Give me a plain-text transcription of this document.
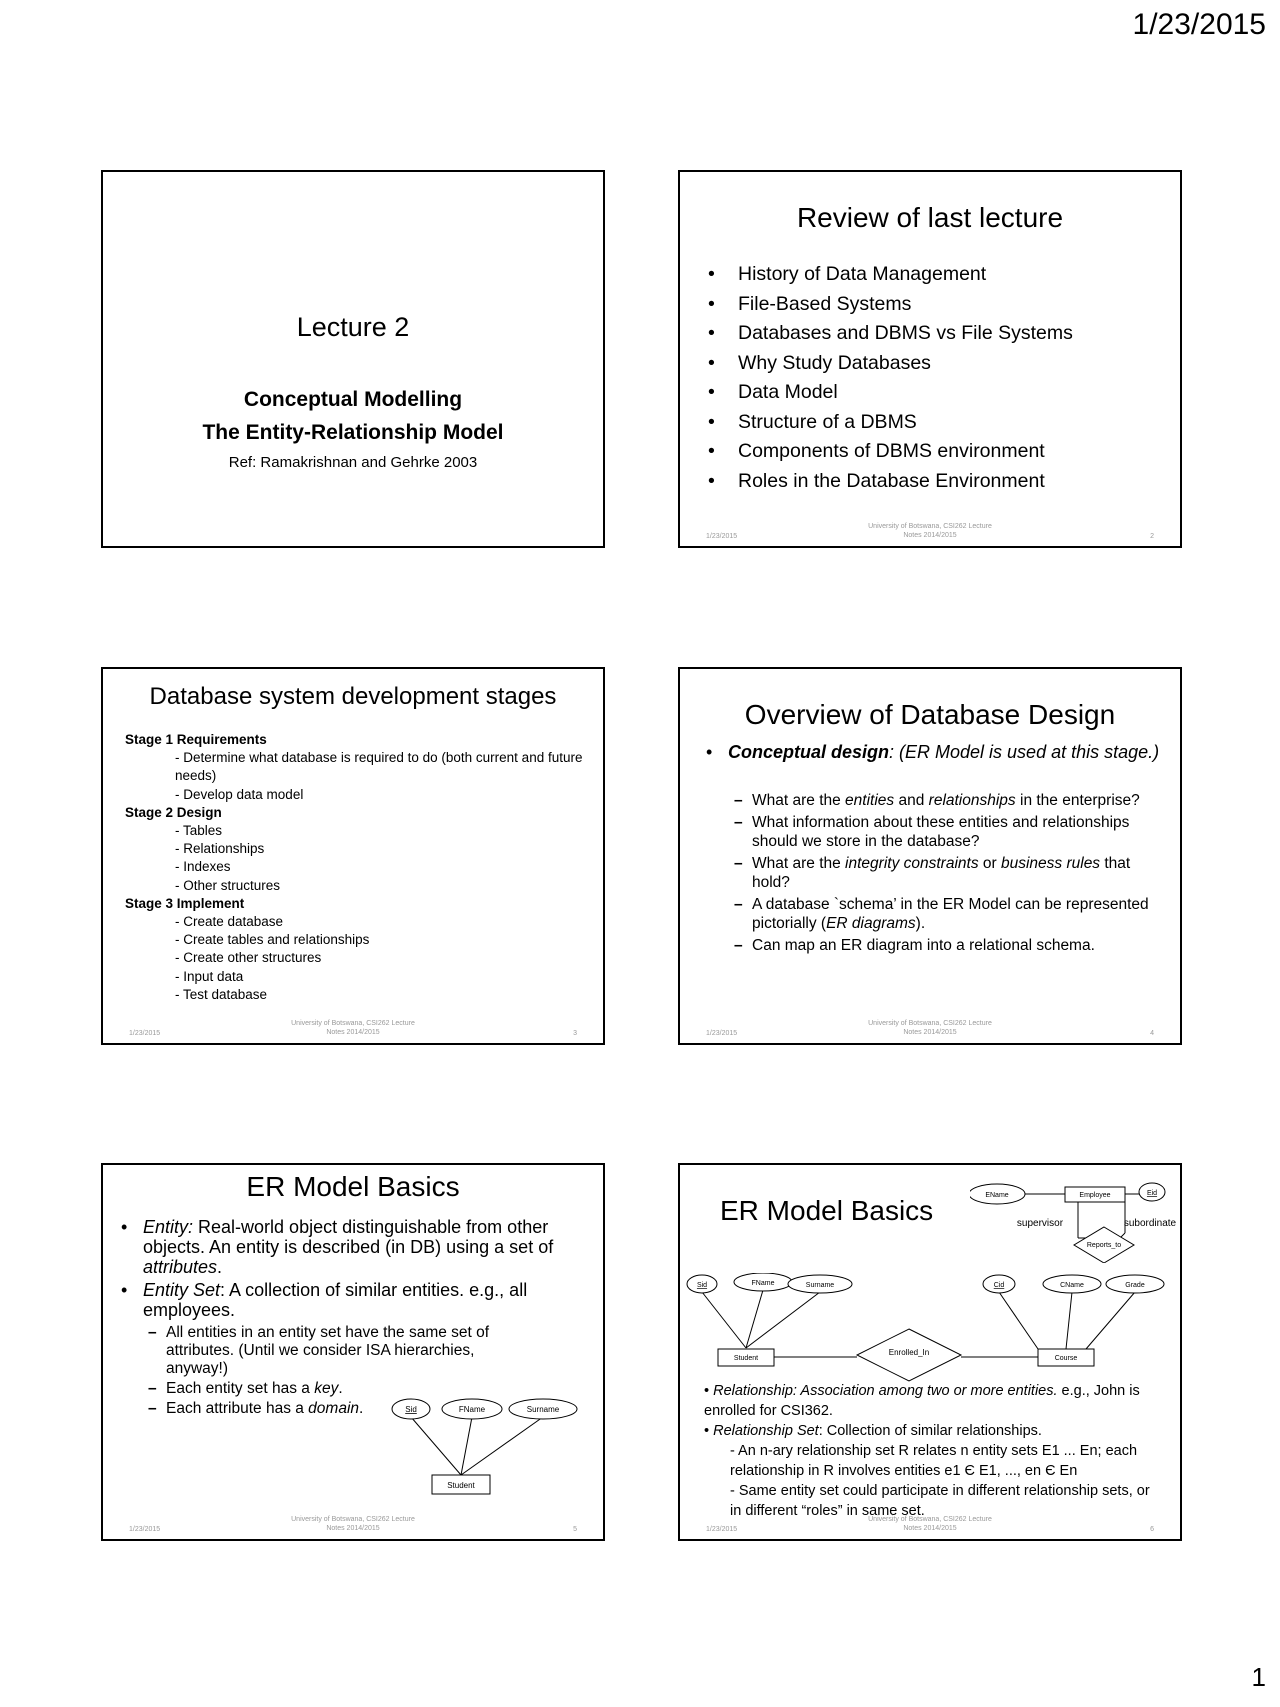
1/23/2015
Lecture 2
Conceptual Modelling
The Entity-Relationship Model
Ref: Ramakrishnan and Gehrke 2003
Review of last lecture
• History of Data Management
• File-Based Systems
• Databases and DBMS vs File Systems
• Why Study Databases
• Data Model
• Structure of a DBMS
• Components of DBMS environment
• Roles in the Database Environment
1/23/2015
University of Botswana, CSI262 Lecture
Notes 2014/2015	2
Database system development stages
Stage 1 Requirements
- Determine what database is required to do (both current and future needs)
- Develop data model
Stage 2 Design
- Tables
- Relationships
- Indexes
- Other structures
Stage 3 Implement
- Create database
- Create tables and relationships
- Create other structures
- Input data
- Test database
1/23/2015
University of Botswana, CSI262 Lecture
Notes 2014/2015	3
Overview of Database Design
• Conceptual design: (ER Model is used at this stage.)
– What are the entities and relationships in the enterprise?
– What information about these entities and relationships should we store in the database?
– What are the integrity constraints or business rules that hold?
– A database `schema’ in the ER Model can be represented pictorially (ER diagrams).
– Can map an ER diagram into a relational schema.
1/23/2015
University of Botswana, CSI262 Lecture
Notes 2014/2015	4
ER Model Basics
• Entity: Real-world object distinguishable from other objects. An entity is described (in DB) using a set of attributes.
• Entity Set: A collection of similar entities. e.g., all employees.
– All entities in an entity set have the same set of attributes. (Until we consider ISA hierarchies, anyway!)
– Each entity set has a key.
– Each attribute has a domain.	Sid	FName	Surname
Student
1/23/2015
University of Botswana, CSI262 Lecture
Notes 2014/2015	5
ER Model Basics	EName	Employee	Eid
supervisor	subordinate
Reports_to
Sid	FName	Surname
Student
Enrolled_In
Cid	CName	Grade
Course
• Relationship: Association among two or more entities. e.g., John is enrolled for CSI362.
• Relationship Set: Collection of similar relationships.
- An n-ary relationship set R relates n entity sets E1 ... En; each relationship in R involves entities e1 Є E1, ..., en Є En
- Same entity set could participate in different relationship sets, or in different “roles” in same set.
1/23/2015
University of Botswana, CSI262 Lecture
Notes 2014/2015	6
1
